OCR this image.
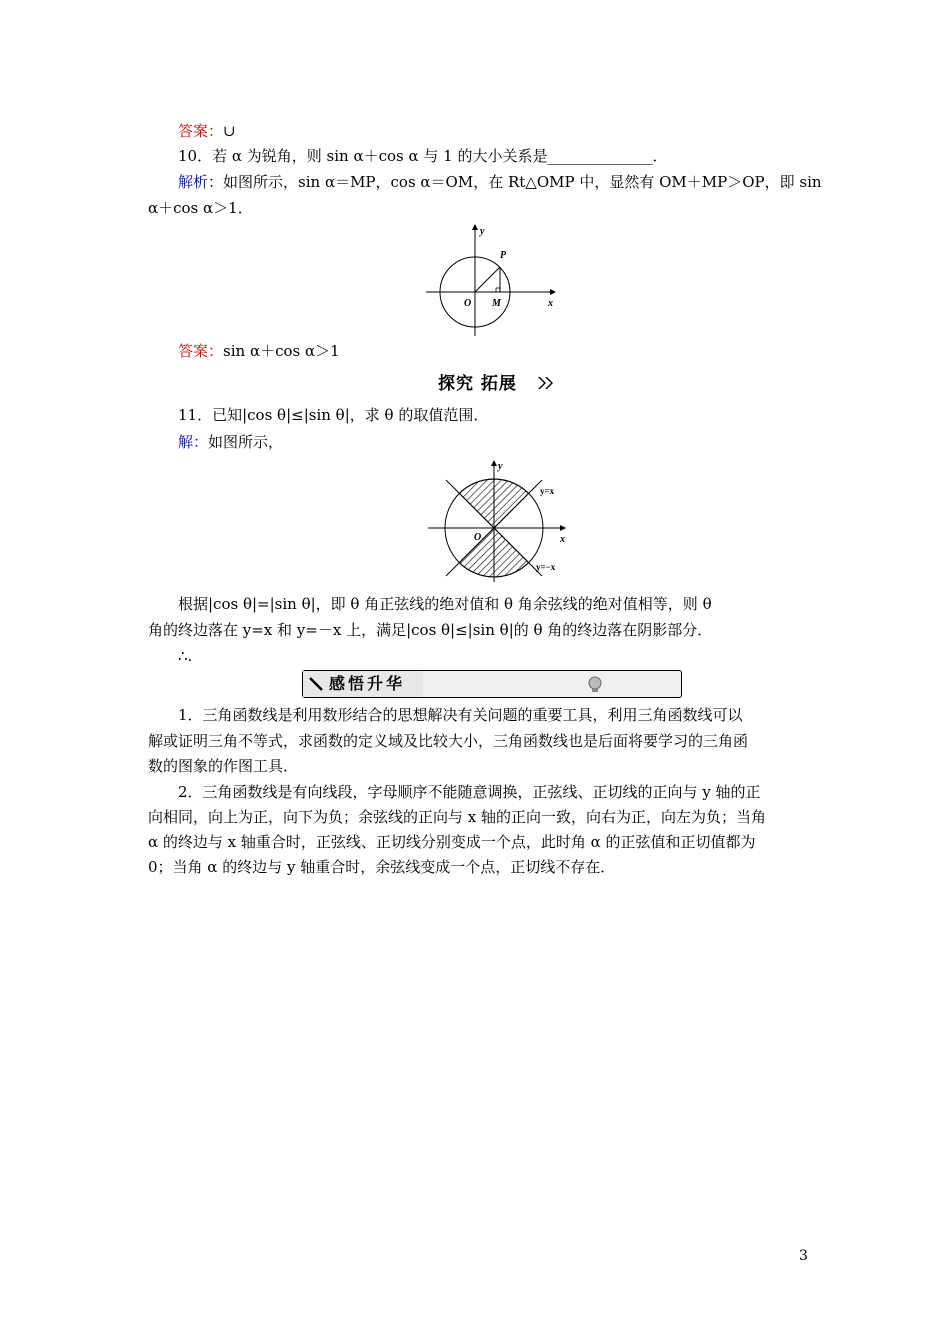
答案：∪
10．若 α 为锐角，则 sin α＋cos α 与 1 的大小关系是______________．
解析：如图所示，sin α＝MP，cos α＝OM，在 Rt△OMP 中，显然有 OM＋MP＞OP，即 sin
α＋cos α＞1．
y
x
O M
P
答案：sin α＋cos α＞1
探究 拓展
11．已知|cos θ|≤|sin θ|，求 θ 的取值范围．
解：如图所示，
y
x
O
y=x
y=−x
根据|cos θ|=|sin θ|，即 θ 角正弦线的绝对值和 θ 角余弦线的绝对值相等，则 θ
角的终边落在 y=x 和 y=－x 上，满足|cos θ|≤|sin θ|的 θ 角的终边落在阴影部分．
∴.
感悟升华
1．三角函数线是利用数形结合的思想解决有关问题的重要工具，利用三角函数线可以
解或证明三角不等式，求函数的定义域及比较大小，三角函数线也是后面将要学习的三角函
数的图象的作图工具．
2．三角函数线是有向线段，字母顺序不能随意调换，正弦线、正切线的正向与 y 轴的正
向相同，向上为正，向下为负；余弦线的正向与 x 轴的正向一致，向右为正，向左为负；当角
α 的终边与 x 轴重合时，正弦线、正切线分别变成一个点，此时角 α 的正弦值和正切值都为
0；当角 α 的终边与 y 轴重合时，余弦线变成一个点，正切线不存在．
3
